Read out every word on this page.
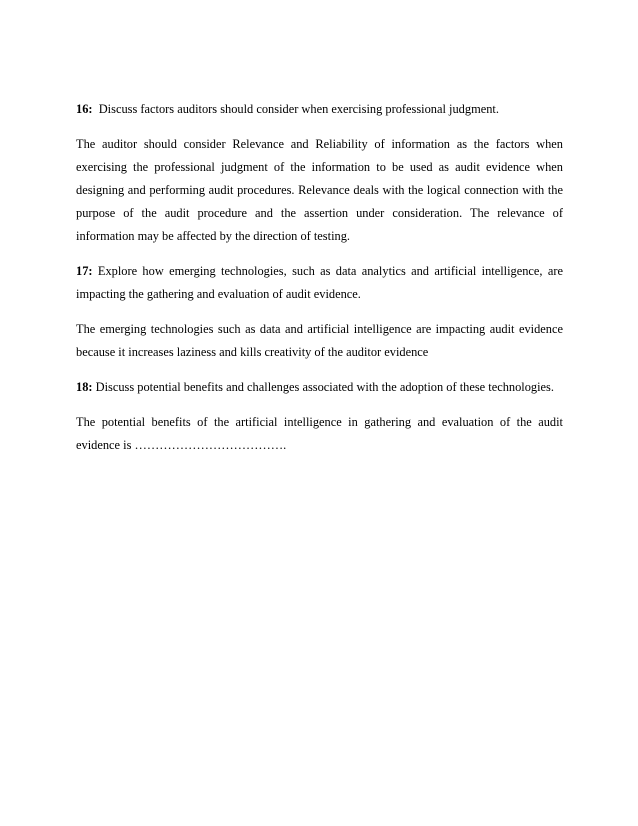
16: Discuss factors auditors should consider when exercising professional judgment.

The auditor should consider Relevance and Reliability of information as the factors when exercising the professional judgment of the information to be used as audit evidence when designing and performing audit procedures. Relevance deals with the logical connection with the purpose of the audit procedure and the assertion under consideration. The relevance of information may be affected by the direction of testing.

17: Explore how emerging technologies, such as data analytics and artificial intelligence, are impacting the gathering and evaluation of audit evidence.

The emerging technologies such as data and artificial intelligence are impacting audit evidence because it increases laziness and kills creativity of the auditor evidence

18: Discuss potential benefits and challenges associated with the adoption of these technologies.

The potential benefits of the artificial intelligence in gathering and evaluation of the audit evidence is ……………………………….
